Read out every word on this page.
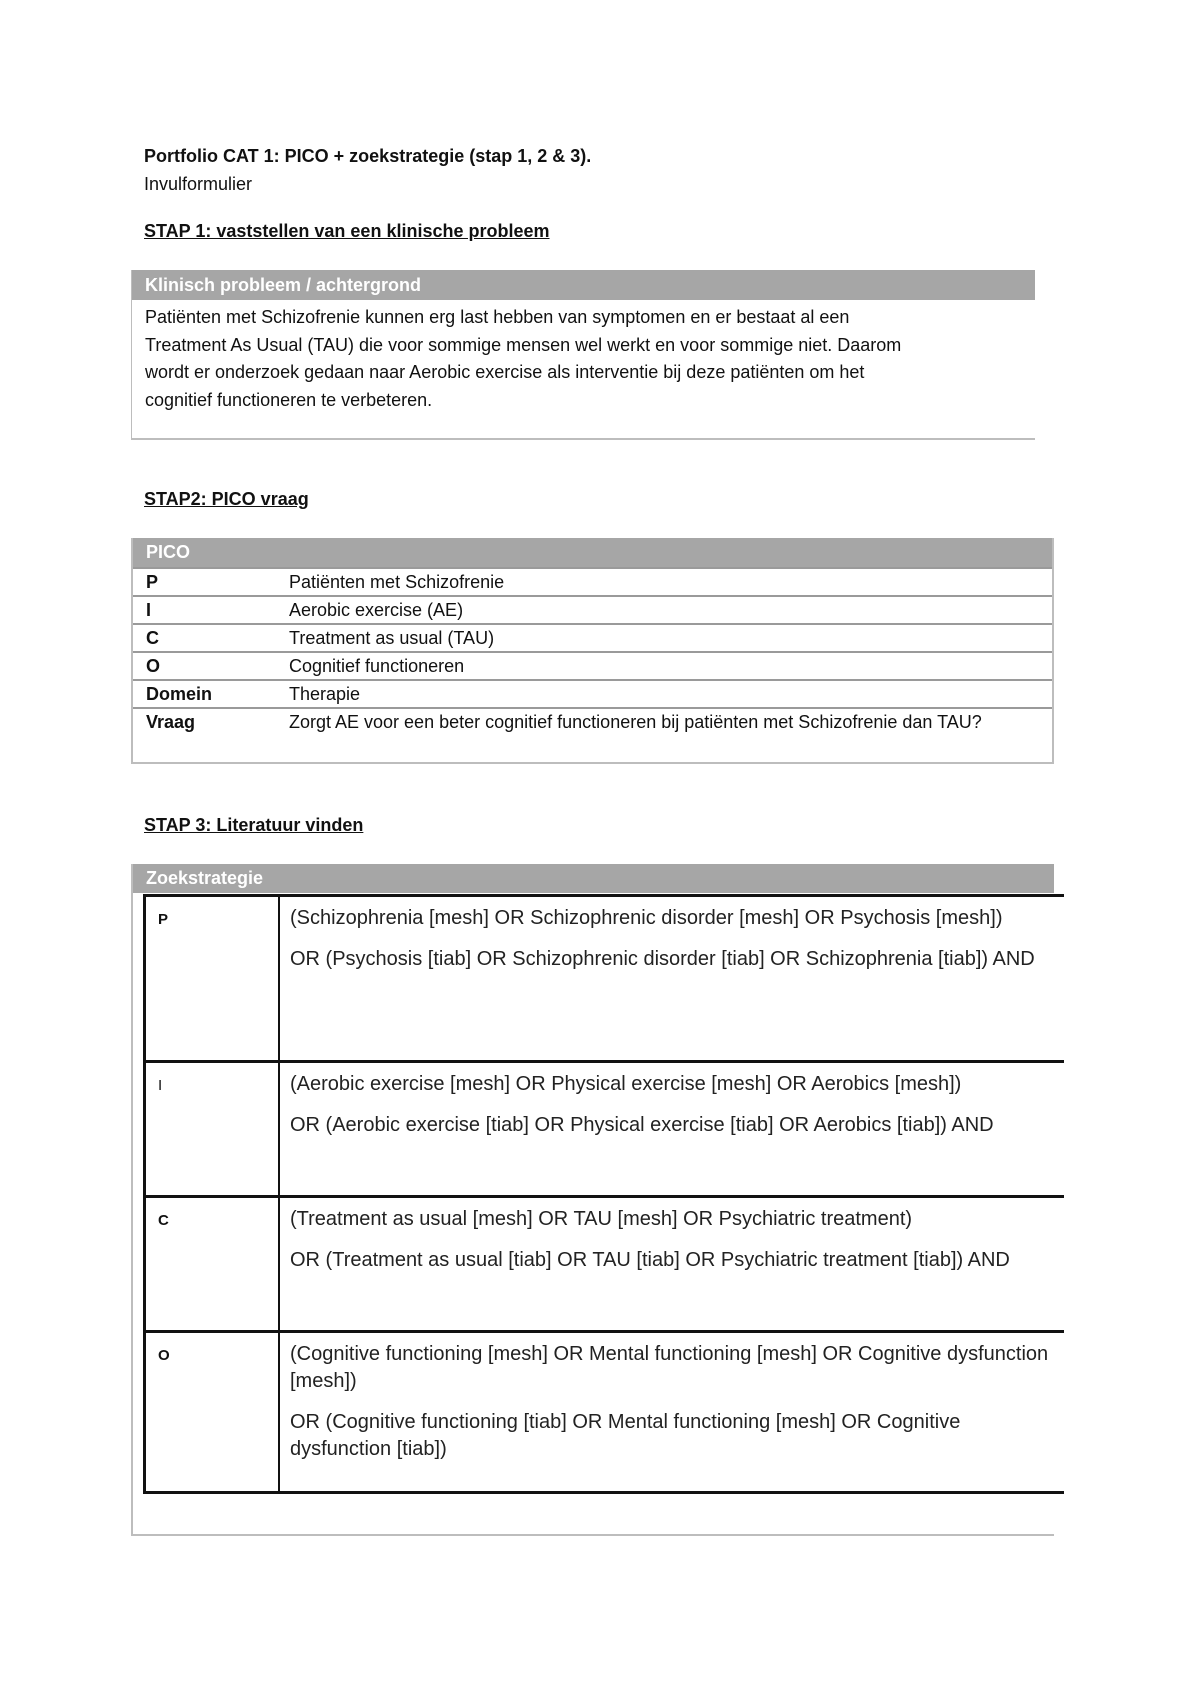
Portfolio CAT 1: PICO + zoekstrategie (stap 1, 2 & 3).
Invulformulier
STAP 1: vaststellen van een klinische probleem
Klinisch probleem / achtergrond
Patiënten met Schizofrenie kunnen erg last hebben van symptomen en er bestaat al een
Treatment As Usual (TAU) die voor sommige mensen wel werkt en voor sommige niet. Daarom
wordt er onderzoek gedaan naar Aerobic exercise als interventie bij deze patiënten om het
cognitief functioneren te verbeteren.
STAP2: PICO vraag
PICO
P	Patiënten met Schizofrenie
I	Aerobic exercise (AE)
C	Treatment as usual (TAU)
O	Cognitief functioneren
Domein	Therapie
Vraag	Zorgt AE voor een beter cognitief functioneren bij patiënten met Schizofrenie dan TAU?
STAP 3: Literatuur vinden
Zoekstrategie
P	(Schizophrenia [mesh] OR Schizophrenic disorder [mesh] OR Psychosis [mesh])

OR (Psychosis [tiab] OR Schizophrenic disorder [tiab] OR Schizophrenia [tiab]) AND

I	(Aerobic exercise [mesh] OR Physical exercise [mesh] OR Aerobics [mesh])

OR (Aerobic exercise [tiab] OR Physical exercise [tiab] OR Aerobics [tiab]) AND

C	(Treatment as usual [mesh] OR TAU [mesh] OR Psychiatric treatment)

OR (Treatment as usual [tiab] OR TAU [tiab] OR Psychiatric treatment [tiab]) AND

O	(Cognitive functioning [mesh] OR Mental functioning [mesh] OR Cognitive dysfunction [mesh])

OR (Cognitive functioning [tiab] OR Mental functioning [mesh] OR Cognitive dysfunction [tiab])
